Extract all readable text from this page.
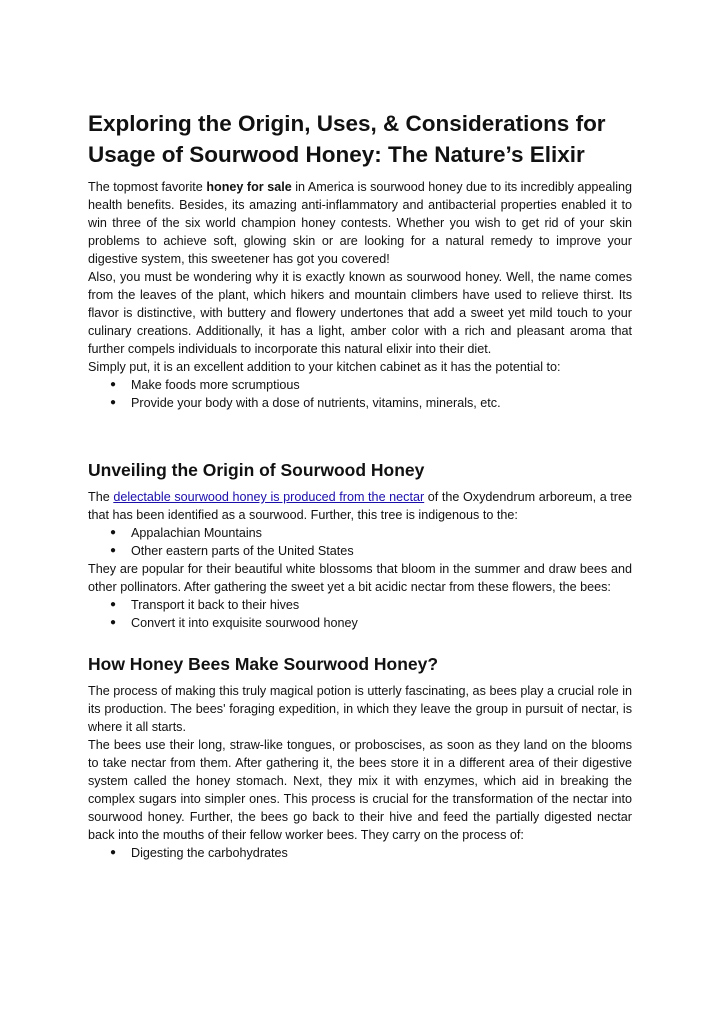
Exploring the Origin, Uses, & Considerations for Usage of Sourwood Honey: The Nature’s Elixir

The topmost favorite honey for sale in America is sourwood honey due to its incredibly appealing health benefits. Besides, its amazing anti-inflammatory and antibacterial properties enabled it to win three of the six world champion honey contests. Whether you wish to get rid of your skin problems to achieve soft, glowing skin or are looking for a natural remedy to improve your digestive system, this sweetener has got you covered!

Also, you must be wondering why it is exactly known as sourwood honey. Well, the name comes from the leaves of the plant, which hikers and mountain climbers have used to relieve thirst. Its flavor is distinctive, with buttery and flowery undertones that add a sweet yet mild touch to your culinary creations. Additionally, it has a light, amber color with a rich and pleasant aroma that further compels individuals to incorporate this natural elixir into their diet.

Simply put, it is an excellent addition to your kitchen cabinet as it has the potential to:

● Make foods more scrumptious
● Provide your body with a dose of nutrients, vitamins, minerals, etc.
Unveiling the Origin of Sourwood Honey

The delectable sourwood honey is produced from the nectar of the Oxydendrum arboreum, a tree that has been identified as a sourwood. Further, this tree is indigenous to the:

● Appalachian Mountains
● Other eastern parts of the United States

They are popular for their beautiful white blossoms that bloom in the summer and draw bees and other pollinators. After gathering the sweet yet a bit acidic nectar from these flowers, the bees:

● Transport it back to their hives
● Convert it into exquisite sourwood honey
How Honey Bees Make Sourwood Honey?

The process of making this truly magical potion is utterly fascinating, as bees play a crucial role in its production. The bees' foraging expedition, in which they leave the group in pursuit of nectar, is where it all starts.

The bees use their long, straw-like tongues, or proboscises, as soon as they land on the blooms to take nectar from them. After gathering it, the bees store it in a different area of their digestive system called the honey stomach. Next, they mix it with enzymes, which aid in breaking the complex sugars into simpler ones. This process is crucial for the transformation of the nectar into sourwood honey. Further, the bees go back to their hive and feed the partially digested nectar back into the mouths of their fellow worker bees. They carry on the process of:

● Digesting the carbohydrates
